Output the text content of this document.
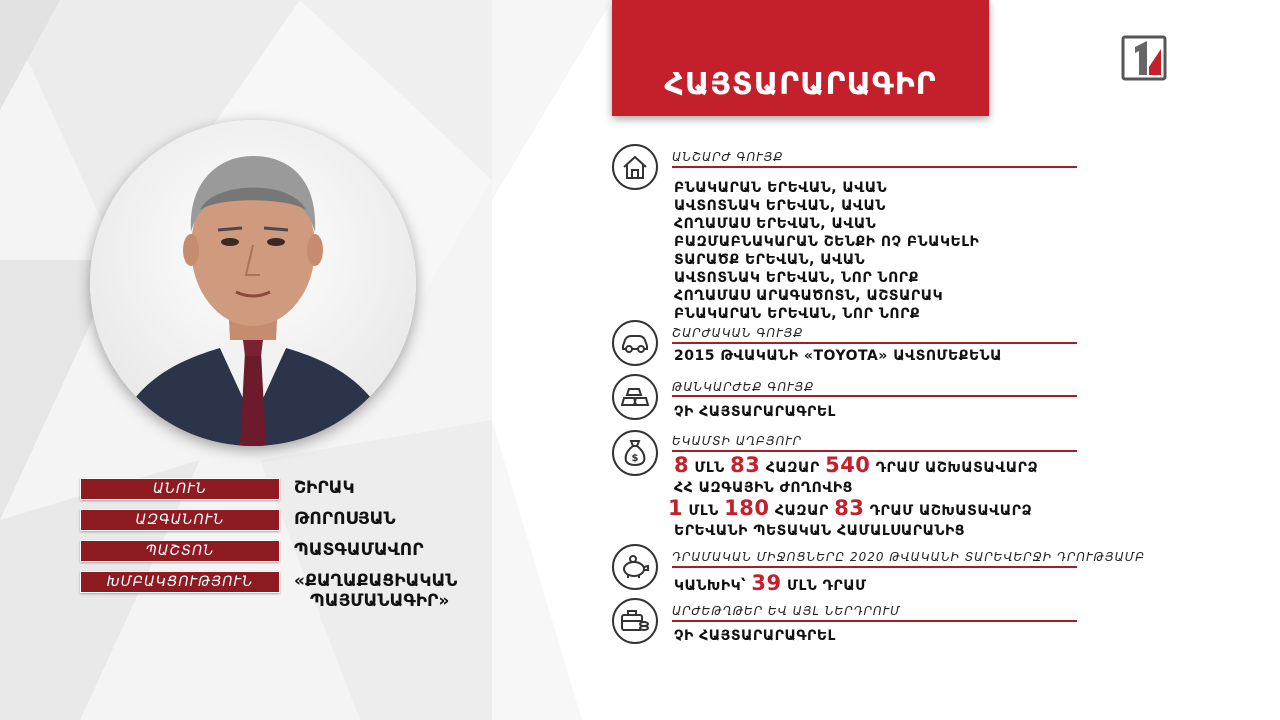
ԱՆՈՒՆ	ՇԻՐԱԿ
ԱԶԳԱՆՈՒՆ	ԹՈՐՈՍՅԱՆ
ՊԱՇՏՈՆ	ՊԱՏԳԱՄԱՎՈՐ
ԽՄԲԱԿՑՈՒԹՅՈՒՆ	«ՔԱՂԱՔԱՑԻԱԿԱՆ
ՊԱՅՄԱՆԱԳԻՐ»
ՀԱՅՏԱՐԱՐԱԳԻՐ
ԱՆՇԱՐԺ ԳՈՒՅՔ
ԲՆԱԿԱՐԱՆ ԵՐԵՎԱՆ, ԱՎԱՆ
ԱՎՏՈՏՆԱԿ ԵՐԵՎԱՆ, ԱՎԱՆ
ՀՈՂԱՄԱՍ ԵՐԵՎԱՆ, ԱՎԱՆ
ԲԱԶՄԱԲՆԱԿԱՐԱՆ ՇԵՆՔԻ ՈՉ ԲՆԱԿԵԼԻ
ՏԱՐԱԾՔ ԵՐԵՎԱՆ, ԱՎԱՆ
ԱՎՏՈՏՆԱԿ ԵՐԵՎԱՆ, ՆՈՐ ՆՈՐՔ
ՀՈՂԱՄԱՍ ԱՐԱԳԱԾՈՏՆ, ԱՇՏԱՐԱԿ
ԲՆԱԿԱՐԱՆ ԵՐԵՎԱՆ, ՆՈՐ ՆՈՐՔ
ՇԱՐԺԱԿԱՆ ԳՈՒՅՔ
2015 ԹՎԱԿԱՆԻ «TOYOTA» ԱՎՏՈՄԵՔԵՆԱ
ԹԱՆԿԱՐԺԵՔ ԳՈՒՅՔ
ՉԻ ՀԱՅՏԱՐԱՐԱԳՐԵԼ
$
ԵԿԱՄՏԻ ԱՂԲՅՈՒՐ
8 ՄԼՆ 83 ՀԱԶԱՐ 540 ԴՐԱՄ ԱՇԽԱՏԱՎԱՐՁ
ՀՀ ԱԶԳԱՅԻՆ ԺՈՂՈՎԻՑ
1 ՄԼՆ 180 ՀԱԶԱՐ 83 ԴՐԱՄ ԱՇԽԱՏԱՎԱՐՁ
ԵՐԵՎԱՆԻ ՊԵՏԱԿԱՆ ՀԱՄԱԼՍԱՐԱՆԻՑ
ԴՐԱՄԱԿԱՆ ՄԻՋՈՑՆԵՐԸ 2020 ԹՎԱԿԱՆԻ ՏԱՐԵՎԵՐՋԻ ԴՐՈՒԹՅԱՄԲ
ԿԱՆԽԻԿ՝ 39 ՄԼՆ ԴՐԱՄ
ԱՐԺԵԹՂԹԵՐ ԵՎ ԱՅԼ ՆԵՐԴՐՈՒՄ
ՉԻ ՀԱՅՏԱՐԱՐԱԳՐԵԼ
